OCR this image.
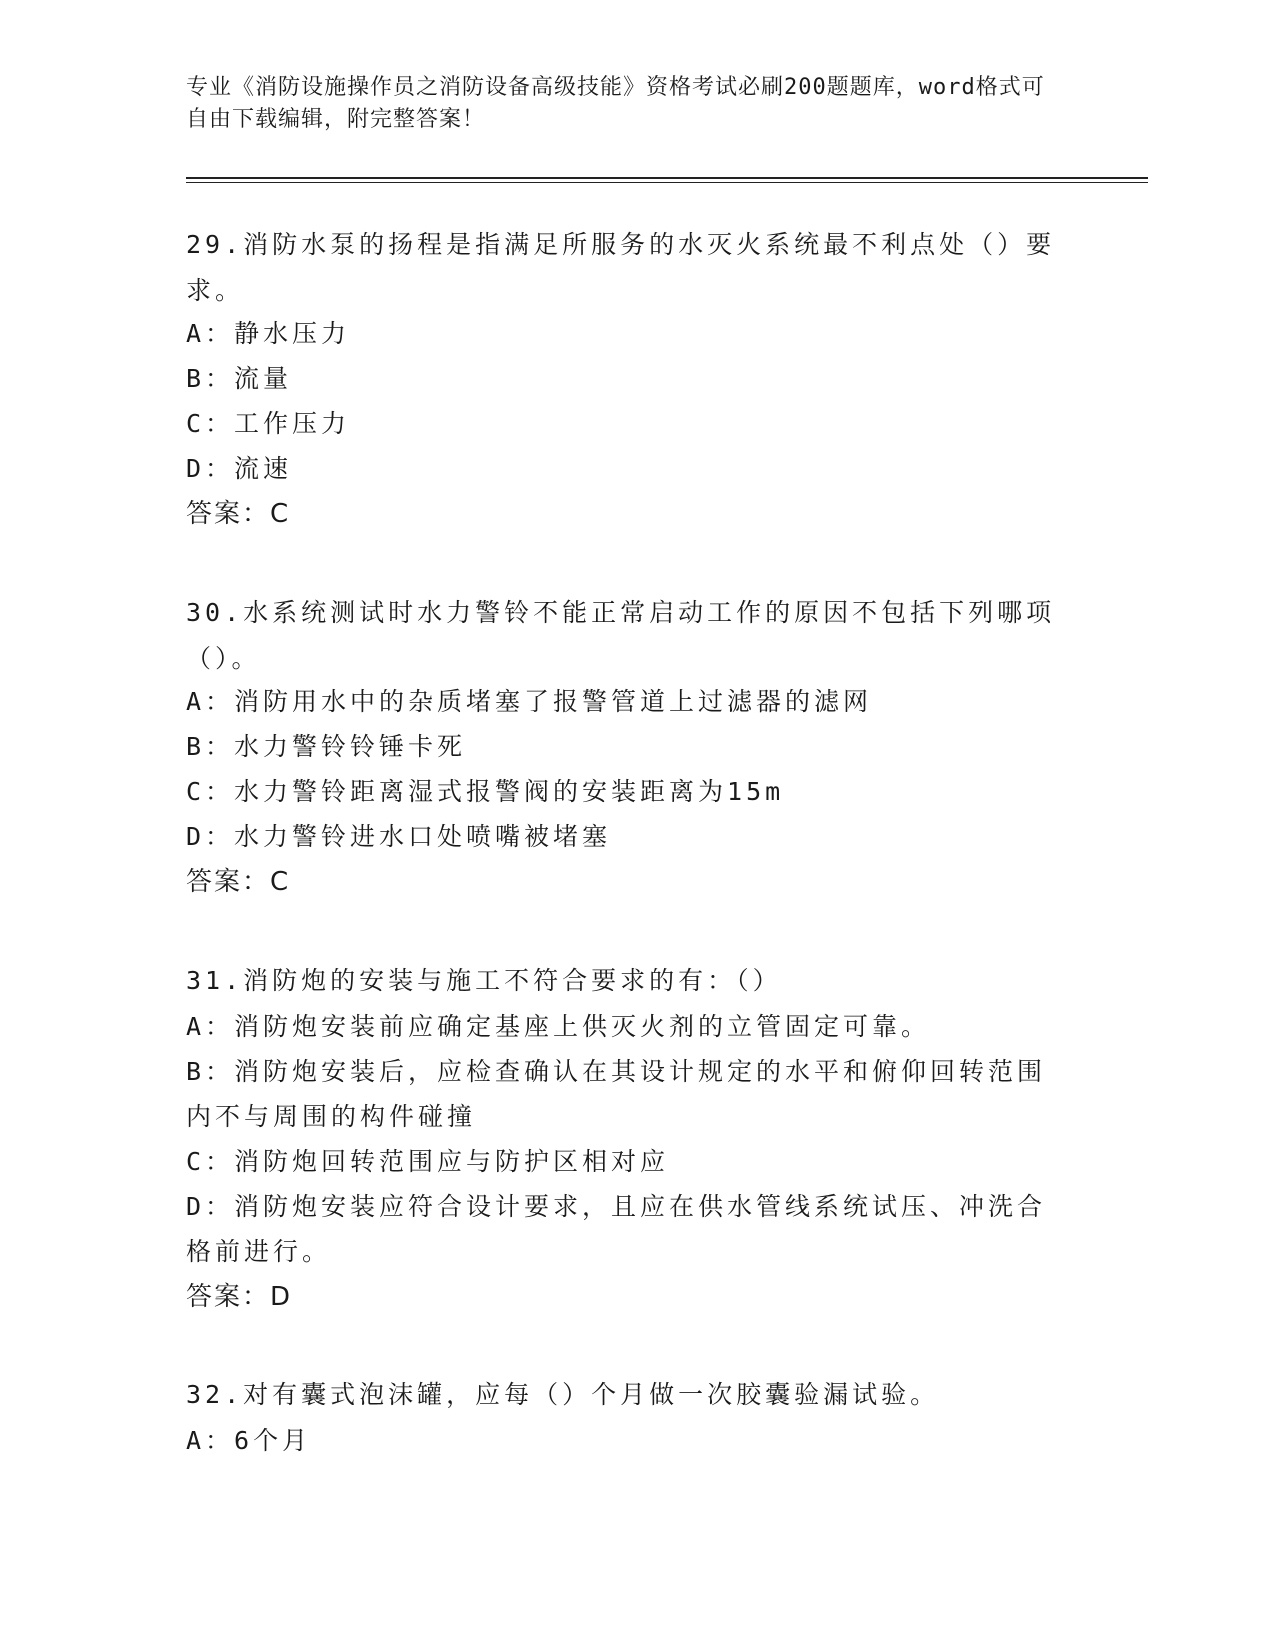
专业《消防设施操作员之消防设备高级技能》资格考试必刷200题题库，word格式可自由下载编辑，附完整答案！

29.消防水泵的扬程是指满足所服务的水灭火系统最不利点处（）要求。

A：静水压力

B：流量

C：工作压力

D：流速

答案：C

30.水系统测试时水力警铃不能正常启动工作的原因不包括下列哪项（）。

A：消防用水中的杂质堵塞了报警管道上过滤器的滤网

B：水力警铃铃锤卡死

C：水力警铃距离湿式报警阀的安装距离为15m

D：水力警铃进水口处喷嘴被堵塞

答案：C

31.消防炮的安装与施工不符合要求的有：（）

A：消防炮安装前应确定基座上供灭火剂的立管固定可靠。

B：消防炮安装后，应检查确认在其设计规定的水平和俯仰回转范围内不与周围的构件碰撞

C：消防炮回转范围应与防护区相对应

D：消防炮安装应符合设计要求，且应在供水管线系统试压、冲洗合格前进行。

答案：D

32.对有囊式泡沫罐，应每（）个月做一次胶囊验漏试验。

A：6个月
